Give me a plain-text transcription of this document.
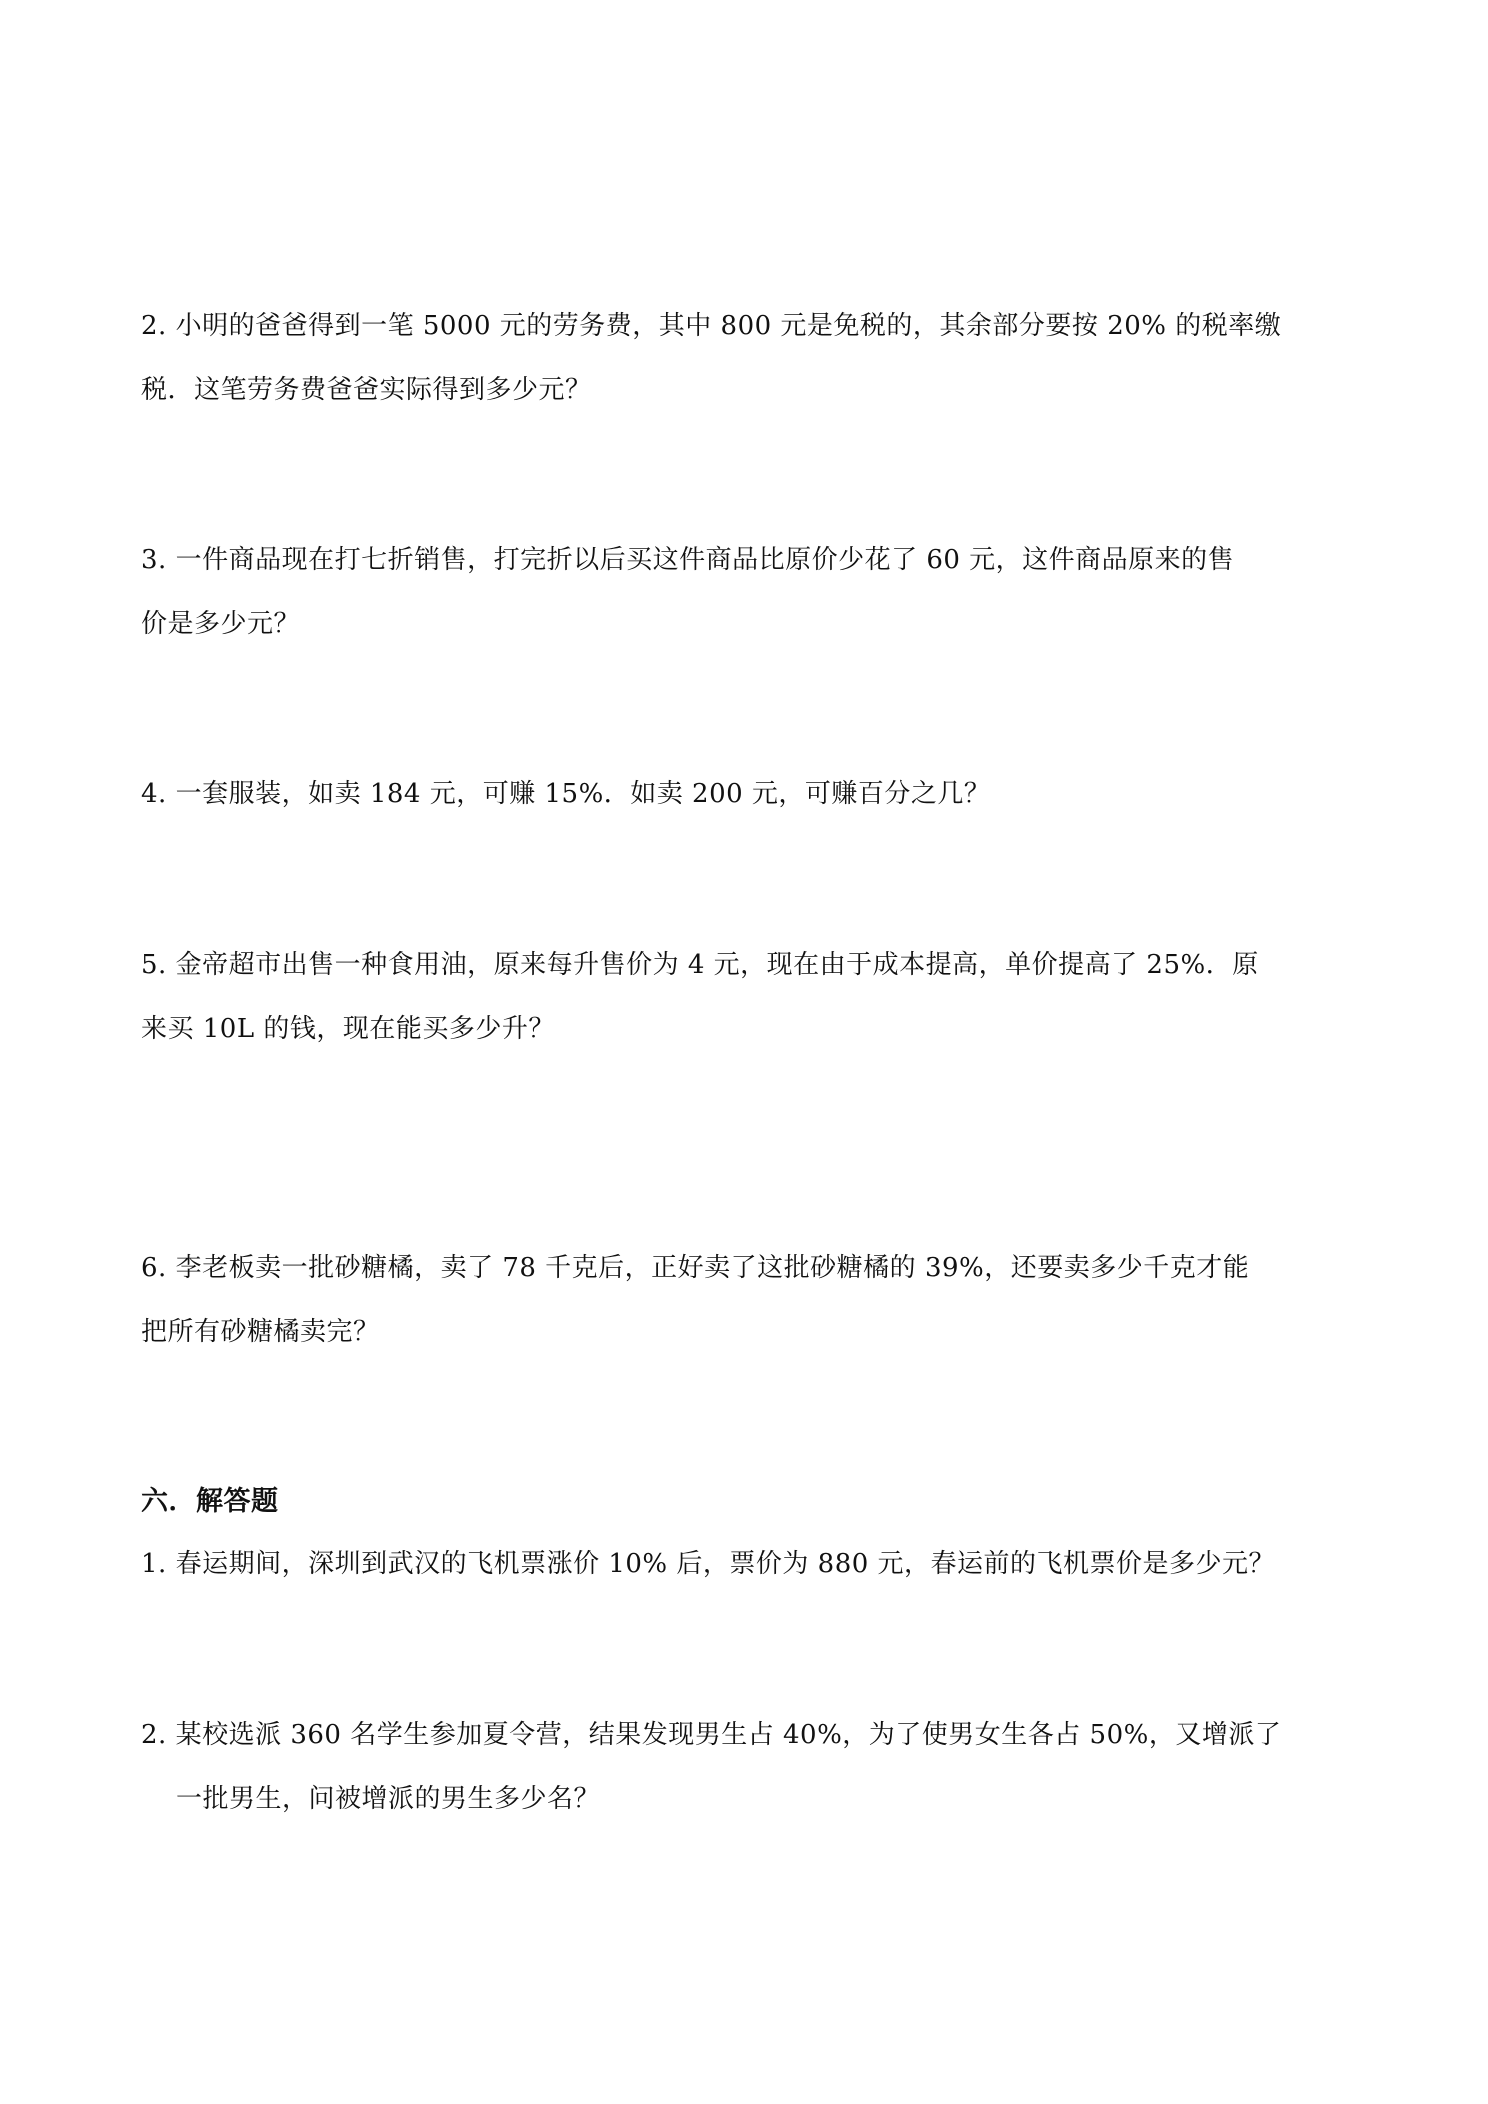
2. 小明的爸爸得到一笔 5000 元的劳务费，其中 800 元是免税的，其余部分要按 20% 的税率缴
税．这笔劳务费爸爸实际得到多少元？
3. 一件商品现在打七折销售，打完折以后买这件商品比原价少花了 60 元，这件商品原来的售
价是多少元？
4. 一套服装，如卖 184 元，可赚 15%．如卖 200 元，可赚百分之几？
5. 金帝超市出售一种食用油，原来每升售价为 4 元，现在由于成本提高，单价提高了 25%．原
来买 10L 的钱，现在能买多少升？
6. 李老板卖一批砂糖橘，卖了 78 千克后，正好卖了这批砂糖橘的 39%，还要卖多少千克才能
把所有砂糖橘卖完？
六．解答题
1. 春运期间，深圳到武汉的飞机票涨价 10% 后，票价为 880 元，春运前的飞机票价是多少元？
2. 某校选派 360 名学生参加夏令营，结果发现男生占 40%，为了使男女生各占 50%，又增派了
一批男生，问被增派的男生多少名？
